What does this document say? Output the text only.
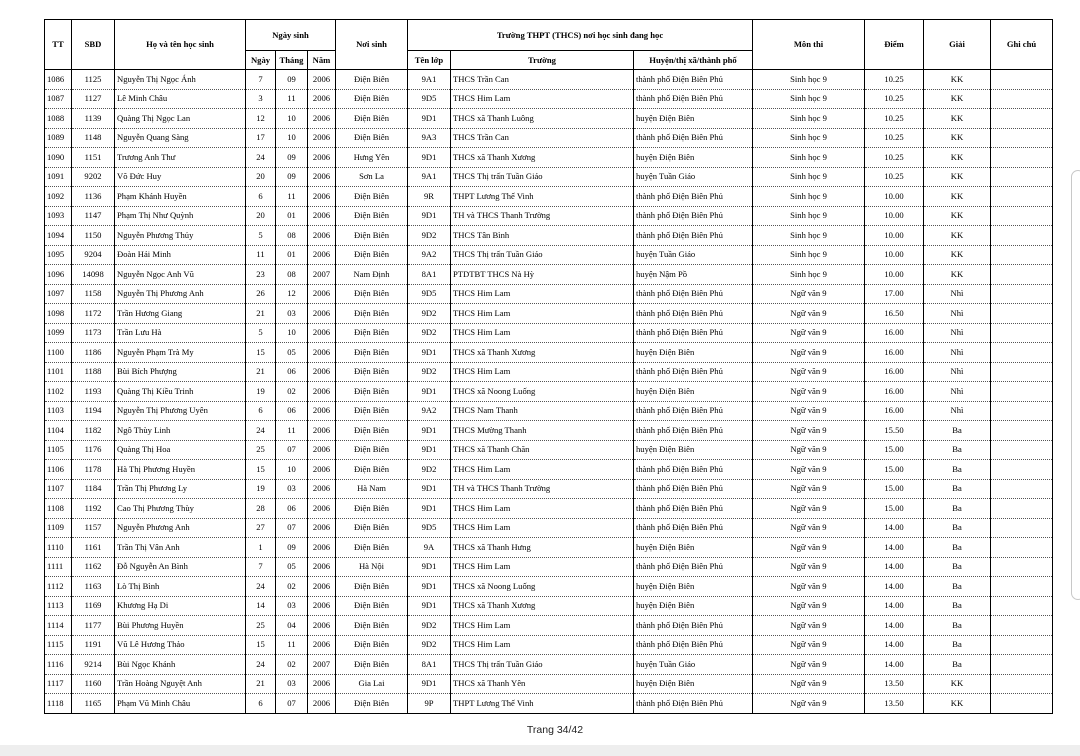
TT	SBD	Họ và tên học sinh	Ngày sinh			Nơi sinh	Trường THPT (THCS) nơi học sinh đang học			Môn thi	Điểm	Giải	Ghi chú
			Ngày	Tháng	Năm		Tên lớp	Trường	Huyện/thị xã/thành phố				
1086	1125	Nguyễn Thị Ngọc Ánh	7	09	2006	Điện Biên	9A1	THCS Trần Can	thành phố Điện Biên Phủ	Sinh học 9	10.25	KK	
1087	1127	Lê Minh Châu	3	11	2006	Điện Biên	9D5	THCS Him Lam	thành phố Điện Biên Phủ	Sinh học 9	10.25	KK	
1088	1139	Quàng Thị Ngọc Lan	12	10	2006	Điện Biên	9D1	THCS xã Thanh Luông	huyện Điện Biên	Sinh học 9	10.25	KK	
1089	1148	Nguyễn Quang Sàng	17	10	2006	Điện Biên	9A3	THCS Trần Can	thành phố Điện Biên Phủ	Sinh học 9	10.25	KK	
1090	1151	Trương Anh Thư	24	09	2006	Hưng Yên	9D1	THCS xã Thanh Xương	huyện Điện Biên	Sinh học 9	10.25	KK	
1091	9202	Võ Đức Huy	20	09	2006	Sơn La	9A1	THCS Thị trấn Tuần Giáo	huyện Tuần Giáo	Sinh học 9	10.25	KK	
1092	1136	Phạm Khánh Huyền	6	11	2006	Điện Biên	9R	THPT Lương Thế Vinh	thành phố Điện Biên Phủ	Sinh học 9	10.00	KK	
1093	1147	Phạm Thị Như Quỳnh	20	01	2006	Điện Biên	9D1	TH và THCS Thanh Trường	thành phố Điện Biên Phủ	Sinh học 9	10.00	KK	
1094	1150	Nguyễn Phương Thủy	5	08	2006	Điện Biên	9D2	THCS Tân Bình	thành phố Điện Biên Phủ	Sinh học 9	10.00	KK	
1095	9204	Đoàn Hải Minh	11	01	2006	Điện Biên	9A2	THCS Thị trấn Tuần Giáo	huyện Tuần Giáo	Sinh học 9	10.00	KK	
1096	14098	Nguyễn Ngọc Anh Vũ	23	08	2007	Nam Định	8A1	PTDTBT THCS Nà Hỳ	huyện Nậm Pồ	Sinh học 9	10.00	KK	
1097	1158	Nguyễn Thị Phương Anh	26	12	2006	Điện Biên	9D5	THCS Him Lam	thành phố Điện Biên Phủ	Ngữ văn 9	17.00	Nhì	
1098	1172	Trần Hương Giang	21	03	2006	Điện Biên	9D2	THCS Him Lam	thành phố Điện Biên Phủ	Ngữ văn 9	16.50	Nhì	
1099	1173	Trần Lưu Hà	5	10	2006	Điện Biên	9D2	THCS Him Lam	thành phố Điện Biên Phủ	Ngữ văn 9	16.00	Nhì	
1100	1186	Nguyễn Phạm Trà My	15	05	2006	Điện Biên	9D1	THCS xã Thanh Xương	huyện Điện Biên	Ngữ văn 9	16.00	Nhì	
1101	1188	Bùi Bích Phượng	21	06	2006	Điện Biên	9D2	THCS Him Lam	thành phố Điện Biên Phủ	Ngữ văn 9	16.00	Nhì	
1102	1193	Quàng Thị Kiều Trinh	19	02	2006	Điện Biên	9D1	THCS xã Noong Luống	huyện Điện Biên	Ngữ văn 9	16.00	Nhì	
1103	1194	Nguyễn Thị Phương Uyên	6	06	2006	Điện Biên	9A2	THCS Nam Thanh	thành phố Điện Biên Phủ	Ngữ văn 9	16.00	Nhì	
1104	1182	Ngô Thùy Linh	24	11	2006	Điện Biên	9D1	THCS Mường Thanh	thành phố Điện Biên Phủ	Ngữ văn 9	15.50	Ba	
1105	1176	Quàng Thị Hoa	25	07	2006	Điện Biên	9D1	THCS xã Thanh Chăn	huyện Điện Biên	Ngữ văn 9	15.00	Ba	
1106	1178	Hà Thị Phương Huyền	15	10	2006	Điện Biên	9D2	THCS Him Lam	thành phố Điện Biên Phủ	Ngữ văn 9	15.00	Ba	
1107	1184	Trần Thị Phương Ly	19	03	2006	Hà Nam	9D1	TH và THCS Thanh Trường	thành phố Điện Biên Phủ	Ngữ văn 9	15.00	Ba	
1108	1192	Cao Thị Phương Thùy	28	06	2006	Điện Biên	9D1	THCS Him Lam	thành phố Điện Biên Phủ	Ngữ văn 9	15.00	Ba	
1109	1157	Nguyễn Phương Anh	27	07	2006	Điện Biên	9D5	THCS Him Lam	thành phố Điện Biên Phủ	Ngữ văn 9	14.00	Ba	
1110	1161	Trần Thị Vân Anh	1	09	2006	Điện Biên	9A	THCS xã Thanh Hưng	huyện Điện Biên	Ngữ văn 9	14.00	Ba	
1111	1162	Đỗ Nguyễn An Bình	7	05	2006	Hà Nội	9D1	THCS Him Lam	thành phố Điện Biên Phủ	Ngữ văn 9	14.00	Ba	
1112	1163	Lò Thị Bình	24	02	2006	Điện Biên	9D1	THCS xã Noong Luống	huyện Điện Biên	Ngữ văn 9	14.00	Ba	
1113	1169	Khương Hạ Di	14	03	2006	Điện Biên	9D1	THCS xã Thanh Xương	huyện Điện Biên	Ngữ văn 9	14.00	Ba	
1114	1177	Bùi Phương Huyền	25	04	2006	Điện Biên	9D2	THCS Him Lam	thành phố Điện Biên Phủ	Ngữ văn 9	14.00	Ba	
1115	1191	Vũ Lê Hương Thảo	15	11	2006	Điện Biên	9D2	THCS Him Lam	thành phố Điện Biên Phủ	Ngữ văn 9	14.00	Ba	
1116	9214	Bùi Ngọc Khánh	24	02	2007	Điện Biên	8A1	THCS Thị trấn Tuần Giáo	huyện Tuần Giáo	Ngữ văn 9	14.00	Ba	
1117	1160	Trần Hoàng Nguyệt Anh	21	03	2006	Gia Lai	9D1	THCS xã Thanh Yên	huyện Điện Biên	Ngữ văn 9	13.50	KK	
1118	1165	Phạm Vũ Minh Châu	6	07	2006	Điện Biên	9P	THPT Lương Thế Vinh	thành phố Điện Biên Phủ	Ngữ văn 9	13.50	KK	
Trang 34/42
